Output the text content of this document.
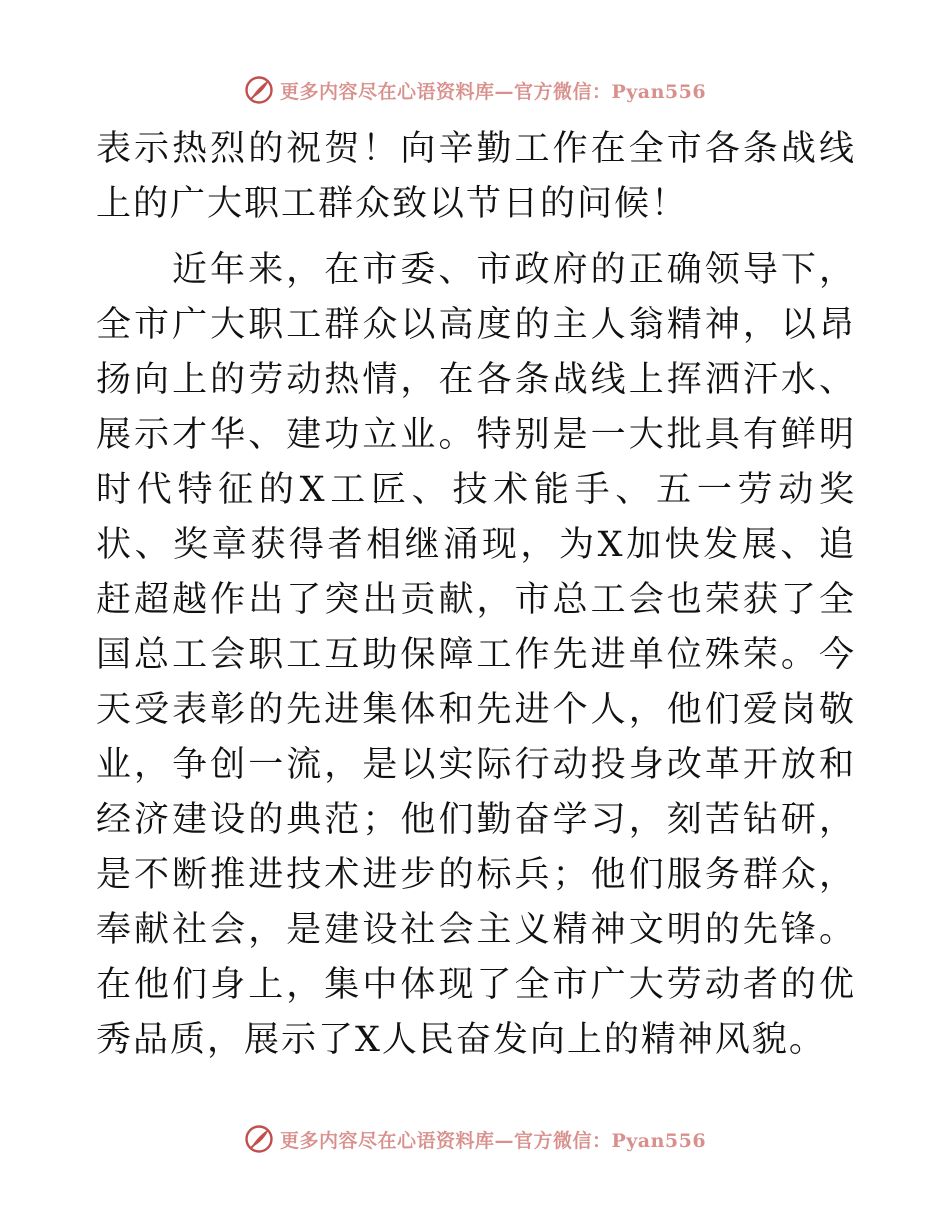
更多内容尽在心语资料库—官方微信：Pyan556

表示热烈的祝贺！向辛勤工作在全市各条战线上的广大职工群众致以节日的问候！

近年来，在市委、市政府的正确领导下，全市广大职工群众以高度的主人翁精神，以昂扬向上的劳动热情，在各条战线上挥洒汗水、展示才华、建功立业。特别是一大批具有鲜明时代特征的X工匠、技术能手、五一劳动奖状、奖章获得者相继涌现，为X加快发展、追赶超越作出了突出贡献，市总工会也荣获了全国总工会职工互助保障工作先进单位殊荣。今天受表彰的先进集体和先进个人，他们爱岗敬业，争创一流，是以实际行动投身改革开放和经济建设的典范；他们勤奋学习，刻苦钻研，是不断推进技术进步的标兵；他们服务群众，奉献社会，是建设社会主义精神文明的先锋。在他们身上，集中体现了全市广大劳动者的优秀品质，展示了X人民奋发向上的精神风貌。

更多内容尽在心语资料库—官方微信：Pyan556
